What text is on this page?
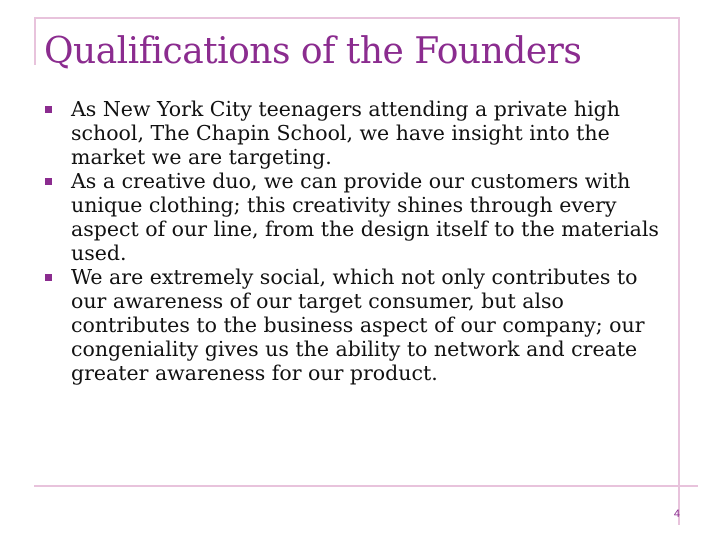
Qualifications of the Founders
As New York City teenagers attending a private high school, The Chapin School, we have insight into the market we are targeting.
As a creative duo, we can provide our customers with unique clothing; this creativity shines through every aspect of our line, from the design itself to the materials used.
We are extremely social, which not only contributes to our awareness of our target consumer, but also contributes to the business aspect of our company; our congeniality gives us the ability to network and create greater awareness for our product.
4
